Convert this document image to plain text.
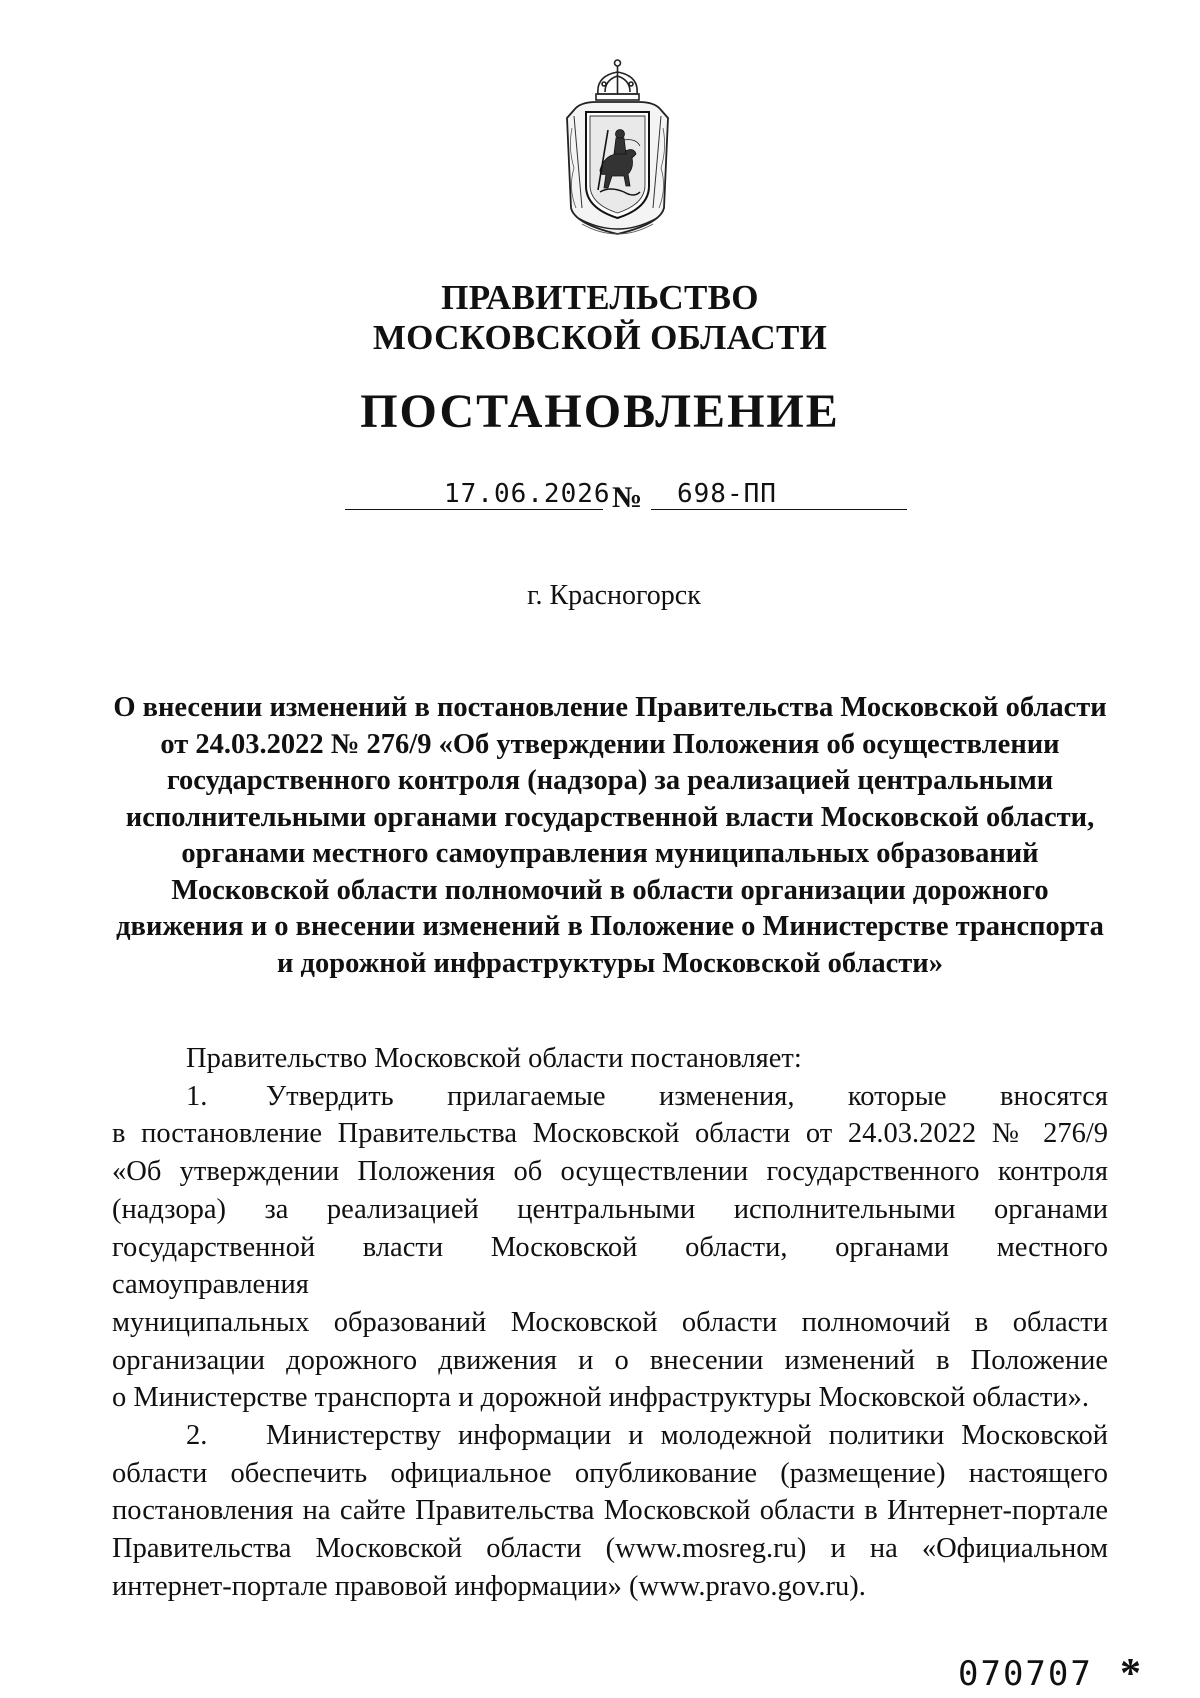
ПРАВИТЕЛЬСТВО
МОСКОВСКОЙ ОБЛАСТИ
ПОСТАНОВЛЕНИЕ
17.06.2026 № 698-ПП
г. Красногорск
О внесении изменений в постановление Правительства Московской области
от 24.03.2022 № 276/9 «Об утверждении Положения об осуществлении
государственного контроля (надзора) за реализацией центральными
исполнительными органами государственной власти Московской области,
органами местного самоуправления муниципальных образований
Московской области полномочий в области организации дорожного
движения и о внесении изменений в Положение о Министерстве транспорта
и дорожной инфраструктуры Московской области»
Правительство Московской области постановляет:
1.	Утвердить прилагаемые изменения, которые вносятся
в постановление Правительства Московской области от 24.03.2022 № 276/9
«Об утверждении Положения об осуществлении государственного контроля
(надзора) за реализацией центральными исполнительными органами
государственной власти Московской области, органами местного самоуправления
муниципальных образований Московской области полномочий в области
организации дорожного движения и о внесении изменений в Положение
о Министерстве транспорта и дорожной инфраструктуры Московской области».
2.	Министерству информации и молодежной политики Московской
области обеспечить официальное опубликование (размещение) настоящего
постановления на сайте Правительства Московской области в Интернет-портале
Правительства Московской области (www.mosreg.ru) и на «Официальном
интернет-портале правовой информации» (www.pravo.gov.ru).
070707 *
